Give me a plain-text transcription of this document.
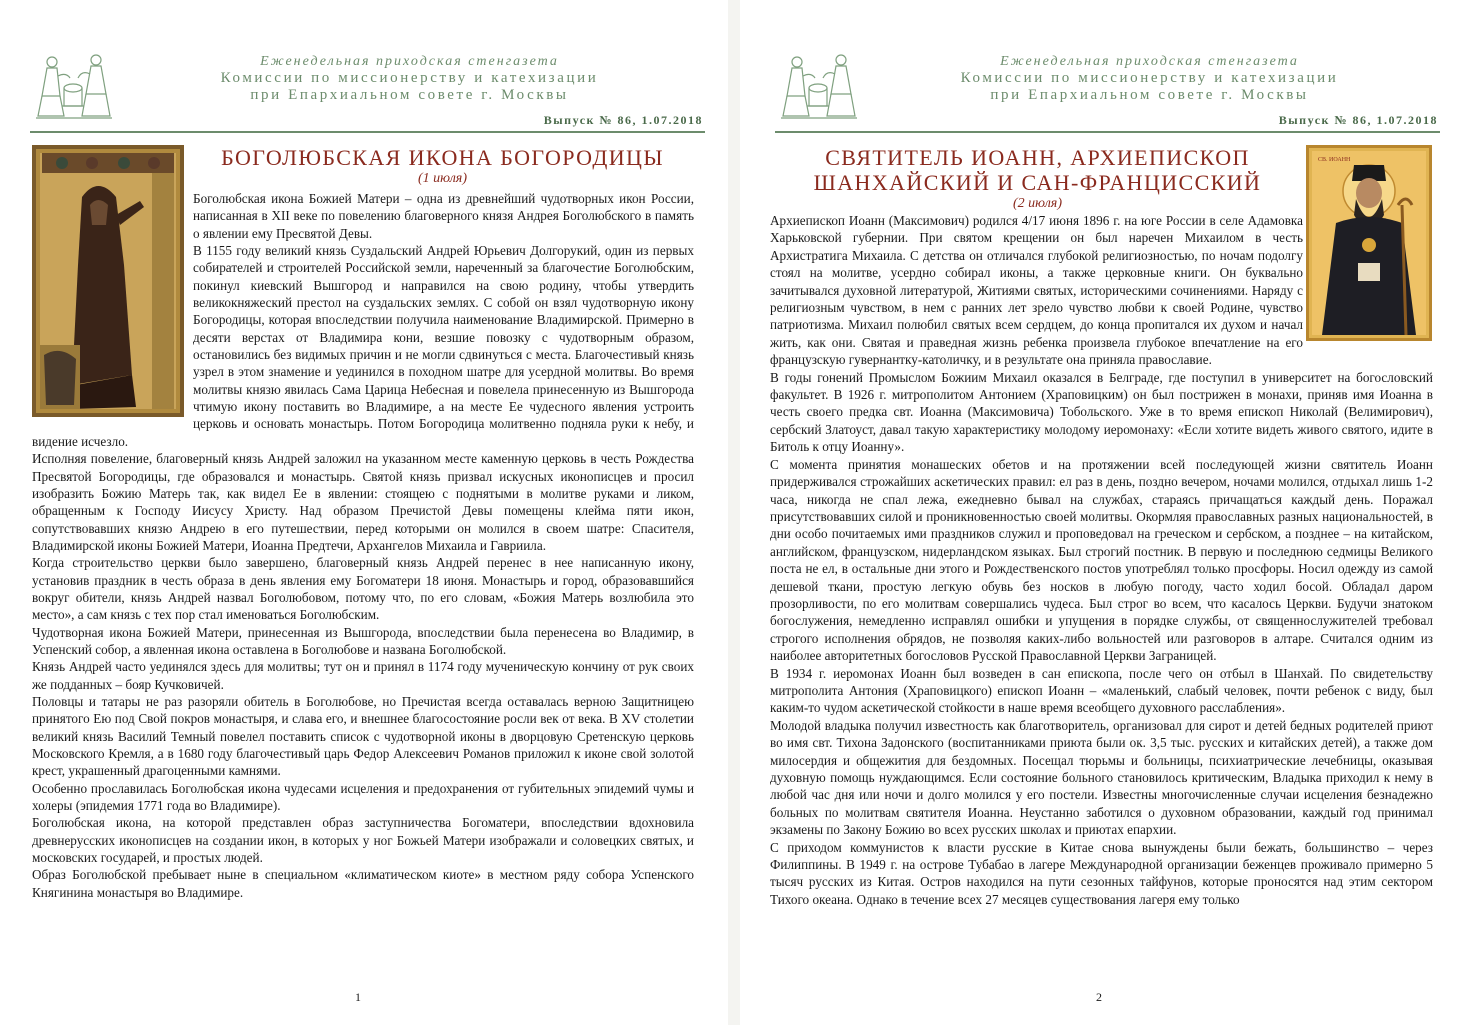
Еженедельная приходская стенгазета
Комиссии по миссионерству и катехизации
при Епархиальном совете г. Москвы
Выпуск № 86, 1.07.2018
БОГОЛЮБСКАЯ ИКОНА БОГОРОДИЦЫ
(1 июля)

Боголюбская икона Божией Матери – одна из древнейший чудотворных икон России, написанная в XII веке по повелению благоверного князя Андрея Боголюбского в память о явлении ему Пресвятой Девы.

В 1155 году великий князь Суздальский Андрей Юрьевич Долгорукий, один из первых собирателей и строителей Российской земли, нареченный за благочестие Боголюбским, покинул киевский Вышгород и направился на свою родину, чтобы утвердить великокняжеский престол на суздальских землях. С собой он взял чудотворную икону Богородицы, которая впоследствии получила наименование Владимирской. Примерно в десяти верстах от Владимира кони, везшие повозку с чудотворным образом, остановились без видимых причин и не могли сдвинуться с места. Благочестивый князь узрел в этом знамение и уединился в походном шатре для усердной молитвы. Во время молитвы князю явилась Сама Царица Небесная и повелела принесенную из Вышгорода чтимую икону поставить во Владимире, а на месте Ее чудесного явления устроить церковь и основать монастырь. Потом Богородица молитвенно подняла руки к небу, и видение исчезло.

Исполняя повеление, благоверный князь Андрей заложил на указанном месте каменную церковь в честь Рождества Пресвятой Богородицы, где образовался и монастырь. Святой князь призвал искусных иконописцев и просил изобразить Божию Матерь так, как видел Ее в явлении: стоящею с поднятыми в молитве руками и ликом, обращенным к Господу Иисусу Христу. Над образом Пречистой Девы помещены клейма пяти икон, сопутствовавших князю Андрею в его путешествии, перед которыми он молился в своем шатре: Спасителя, Владимирской иконы Божией Матери, Иоанна Предтечи, Архангелов Михаила и Гавриила.

Когда строительство церкви было завершено, благоверный князь Андрей перенес в нее написанную икону, установив праздник в честь образа в день явления ему Богоматери 18 июня. Монастырь и город, образовавшийся вокруг обители, князь Андрей назвал Боголюбовом, потому что, по его словам, «Божия Матерь возлюбила это место», а сам князь с тех пор стал именоваться Боголюбским.

Чудотворная икона Божией Матери, принесенная из Вышгорода, впоследствии была перенесена во Владимир, в Успенский собор, а явленная икона оставлена в Боголюбове и названа Боголюбской.

Князь Андрей часто уединялся здесь для молитвы; тут он и принял в 1174 году мученическую кончину от рук своих же подданных – бояр Кучковичей.

Половцы и татары не раз разоряли обитель в Боголюбове, но Пречистая всегда оставалась верною Защитницею принятого Ею под Свой покров монастыря, и слава его, и внешнее благосостояние росли век от века. В XV столетии великий князь Василий Темный повелел поставить список с чудотворной иконы в дворцовую Сретенскую церковь Московского Кремля, а в 1680 году благочестивый царь Федор Алексеевич Романов приложил к иконе свой золотой крест, украшенный драгоценными камнями.

Особенно прославилась Боголюбская икона чудесами исцеления и предохранения от губительных эпидемий чумы и холеры (эпидемия 1771 года во Владимире).

Боголюбская икона, на которой представлен образ заступничества Богоматери, впоследствии вдохновила древнерусских иконописцев на создании икон, в которых у ног Божьей Матери изображали и соловецких святых, и московских государей, и простых людей.

Образ Боголюбской пребывает ныне в специальном «климатическом киоте» в местном ряду собора Успенского Княгинина монастыря во Владимире.

1
Еженедельная приходская стенгазета
Комиссии по миссионерству и катехизации
при Епархиальном совете г. Москвы
Выпуск № 86, 1.07.2018
СВ. ИОАНН
СВЯТИТЕЛЬ ИОАНН, АРХИЕПИСКОП
ШАНХАЙСКИЙ И САН-ФРАНЦИССКИЙ
(2 июля)

Архиепископ Иоанн (Максимович) родился 4/17 июня 1896 г. на юге России в селе Адамовка Харьковской губернии. При святом крещении он был наречен Михаилом в честь Архистратига Михаила. С детства он отличался глубокой религиозностью, по ночам подолгу стоял на молитве, усердно собирал иконы, а также церковные книги. Он буквально зачитывался духовной литературой, Житиями святых, историческими сочинениями. Наряду с религиозным чувством, в нем с ранних лет зрело чувство любви к своей Родине, чувство патриотизма. Михаил полюбил святых всем сердцем, до конца пропитался их духом и начал жить, как они. Святая и праведная жизнь ребенка произвела глубокое впечатление на его французскую гувернантку-католичку, и в результате она приняла православие.

В годы гонений Промыслом Божиим Михаил оказался в Белграде, где поступил в университет на богословский факультет. В 1926 г. митрополитом Антонием (Храповицким) он был пострижен в монахи, приняв имя Иоанна в честь своего предка свт. Иоанна (Максимовича) Тобольского. Уже в то время епископ Николай (Велимирович), сербский Златоуст, давал такую характеристику молодому иеромонаху: «Если хотите видеть живого святого, идите в Битоль к отцу Иоанну».

С момента принятия монашеских обетов и на протяжении всей последующей жизни святитель Иоанн придерживался строжайших аскетических правил: ел раз в день, поздно вечером, ночами молился, отдыхал лишь 1-2 часа, никогда не спал лежа, ежедневно бывал на службах, стараясь причащаться каждый день. Поражал присутствовавших силой и проникновенностью своей молитвы. Окормляя православных разных национальностей, в дни особо почитаемых ими праздников служил и проповедовал на греческом и сербском, а позднее – на китайском, английском, французском, нидерландском языках. Был строгий постник. В первую и последнюю седмицы Великого поста не ел, в остальные дни этого и Рождественского постов употреблял только просфоры. Носил одежду из самой дешевой ткани, простую легкую обувь без носков в любую погоду, часто ходил босой. Обладал даром прозорливости, по его молитвам совершались чудеса. Был строг во всем, что касалось Церкви. Будучи знатоком богослужения, немедленно исправлял ошибки и упущения в порядке службы, от священнослужителей требовал строгого исполнения обрядов, не позволяя каких-либо вольностей или разговоров в алтаре. Считался одним из наиболее авторитетных богословов Русской Православной Церкви Заграницей.

В 1934 г. иеромонах Иоанн был возведен в сан епископа, после чего он отбыл в Шанхай. По свидетельству митрополита Антония (Храповицкого) епископ Иоанн – «маленький, слабый человек, почти ребенок с виду, был каким-то чудом аскетической стойкости в наше время всеобщего духовного расслабления».

Молодой владыка получил известность как благотворитель, организовал для сирот и детей бедных родителей приют во имя свт. Тихона Задонского (воспитанниками приюта были ок. 3,5 тыс. русских и китайских детей), а также дом милосердия и общежития для бездомных. Посещал тюрьмы и больницы, психиатрические лечебницы, оказывая духовную помощь нуждающимся. Если состояние больного становилось критическим, Владыка приходил к нему в любой час дня или ночи и долго молился у его постели. Известны многочисленные случаи исцеления безнадежно больных по молитвам святителя Иоанна. Неустанно заботился о духовном образовании, каждый год принимал экзамены по Закону Божию во всех русских школах и приютах епархии.

С приходом коммунистов к власти русские в Китае снова вынуждены были бежать, большинство – через Филиппины. В 1949 г. на острове Тубабао в лагере Международной организации беженцев проживало примерно 5 тысяч русских из Китая. Остров находился на пути сезонных тайфунов, которые проносятся над этим сектором Тихого океана. Однако в течение всех 27 месяцев существования лагеря ему только

2
